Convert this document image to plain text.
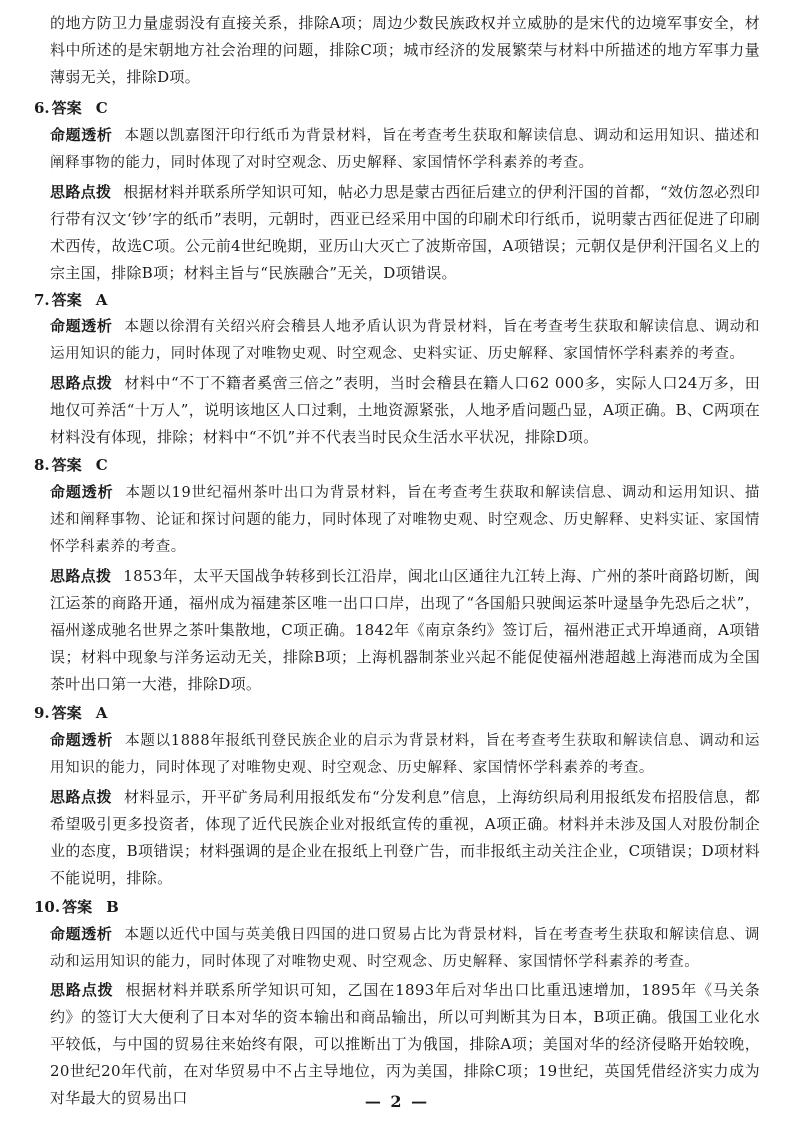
的地方防卫力量虚弱没有直接关系，排除A项；周边少数民族政权并立威胁的是宋代的边境军事安全，材料中所述的是宋朝地方社会治理的问题，排除C项；城市经济的发展繁荣与材料中所描述的地方军事力量薄弱无关，排除D项。

6. 答案 C

命题透析 本题以凯嘉图汗印行纸币为背景材料，旨在考查考生获取和解读信息、调动和运用知识、描述和阐释事物的能力，同时体现了对时空观念、历史解释、家国情怀学科素养的考查。

思路点拨 根据材料并联系所学知识可知，帖必力思是蒙古西征后建立的伊利汗国的首都，“效仿忽必烈印行带有汉文‘钞’字的纸币”表明，元朝时，西亚已经采用中国的印刷术印行纸币，说明蒙古西征促进了印刷术西传，故选C项。公元前4世纪晚期，亚历山大灭亡了波斯帝国，A项错误；元朝仅是伊利汗国名义上的宗主国，排除B项；材料主旨与“民族融合”无关，D项错误。

7. 答案 A

命题透析 本题以徐渭有关绍兴府会稽县人地矛盾认识为背景材料，旨在考查考生获取和解读信息、调动和运用知识的能力，同时体现了对唯物史观、时空观念、史料实证、历史解释、家国情怀学科素养的考查。

思路点拨 材料中“不丁不籍者奚啻三倍之”表明，当时会稽县在籍人口62 000多，实际人口24万多，田地仅可养活“十万人”，说明该地区人口过剩，土地资源紧张，人地矛盾问题凸显，A项正确。B、C两项在材料没有体现，排除；材料中“不饥”并不代表当时民众生活水平状况，排除D项。

8. 答案 C

命题透析 本题以19世纪福州茶叶出口为背景材料，旨在考查考生获取和解读信息、调动和运用知识、描述和阐释事物、论证和探讨问题的能力，同时体现了对唯物史观、时空观念、历史解释、史料实证、家国情怀学科素养的考查。

思路点拨 1853年，太平天国战争转移到长江沿岸，闽北山区通往九江转上海、广州的茶叶商路切断，闽江运茶的商路开通，福州成为福建茶区唯一出口口岸，出现了“各国船只驶闽运茶叶逯垦争先恐后之状”，福州遂成驰名世界之茶叶集散地，C项正确。1842年《南京条约》签订后，福州港正式开埠通商，A项错误；材料中现象与洋务运动无关，排除B项；上海机器制茶业兴起不能促使福州港超越上海港而成为全国茶叶出口第一大港，排除D项。

9. 答案 A

命题透析 本题以1888年报纸刊登民族企业的启示为背景材料，旨在考查考生获取和解读信息、调动和运用知识的能力，同时体现了对唯物史观、时空观念、历史解释、家国情怀学科素养的考查。

思路点拨 材料显示，开平矿务局利用报纸发布“分发利息”信息，上海纺织局利用报纸发布招股信息，都希望吸引更多投资者，体现了近代民族企业对报纸宣传的重视，A项正确。材料并未涉及国人对股份制企业的态度，B项错误；材料强调的是企业在报纸上刊登广告，而非报纸主动关注企业，C项错误；D项材料不能说明，排除。

10. 答案 B

命题透析 本题以近代中国与英美俄日四国的进口贸易占比为背景材料，旨在考查考生获取和解读信息、调动和运用知识的能力，同时体现了对唯物史观、时空观念、历史解释、家国情怀学科素养的考查。

思路点拨 根据材料并联系所学知识可知，乙国在1893年后对华出口比重迅速增加，1895年《马关条约》的签订大大便利了日本对华的资本输出和商品输出，所以可判断其为日本，B项正确。俄国工业化水平较低，与中国的贸易往来始终有限，可以推断出丁为俄国，排除A项；美国对华的经济侵略开始较晚，20世纪20年代前，在对华贸易中不占主导地位，丙为美国，排除C项；19世纪，英国凭借经济实力成为对华最大的贸易出口	— 2 —
